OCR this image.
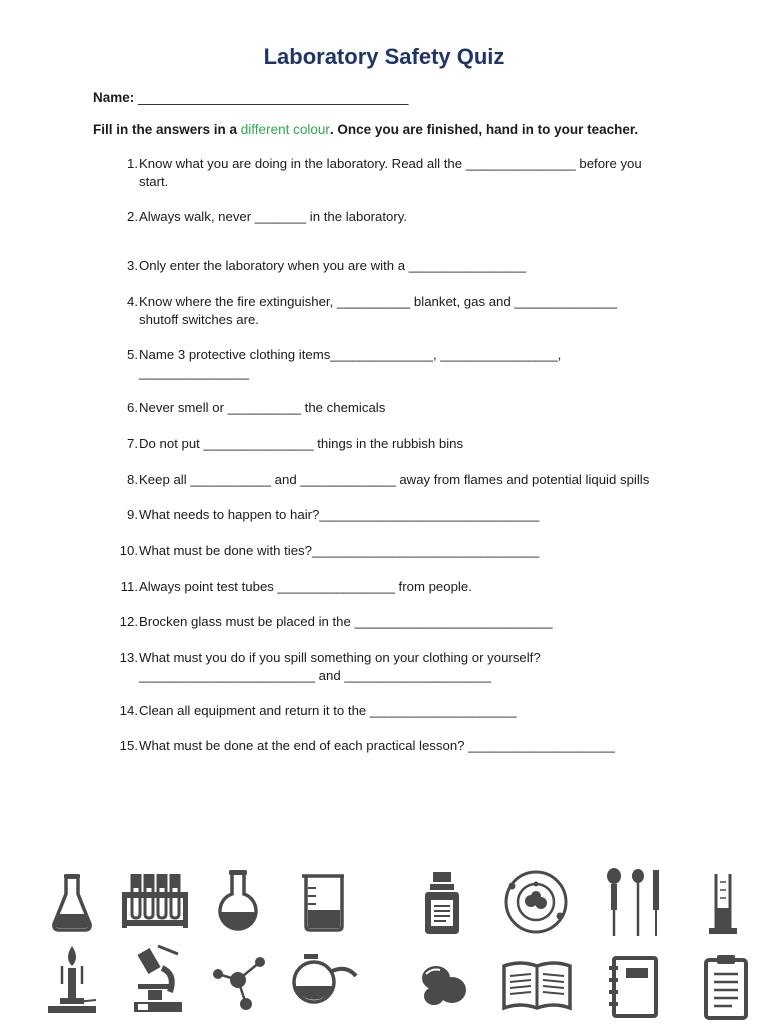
Laboratory Safety Quiz
Name: ____________________________________
Fill in the answers in a different colour. Once you are finished, hand in to your teacher.
1. Know what you are doing in the laboratory. Read all the _______________ before you
start.
2. Always walk, never _______ in the laboratory.
3. Only enter the laboratory when you are with a ________________
4. Know where the fire extinguisher, __________ blanket, gas and ______________
shutoff switches are.
5. Name 3 protective clothing items______________, ________________,
_______________
6. Never smell or __________ the chemicals
7. Do not put _______________ things in the rubbish bins
8. Keep all ___________ and _____________ away from flames and potential liquid spills
9. What needs to happen to hair?______________________________
10. What must be done with ties?_______________________________
11. Always point test tubes ________________ from people.
12. Brocken glass must be placed in the ___________________________
13. What must you do if you spill something on your clothing or yourself?
________________________ and ____________________
14. Clean all equipment and return it to the ____________________
15. What must be done at the end of each practical lesson? ____________________
